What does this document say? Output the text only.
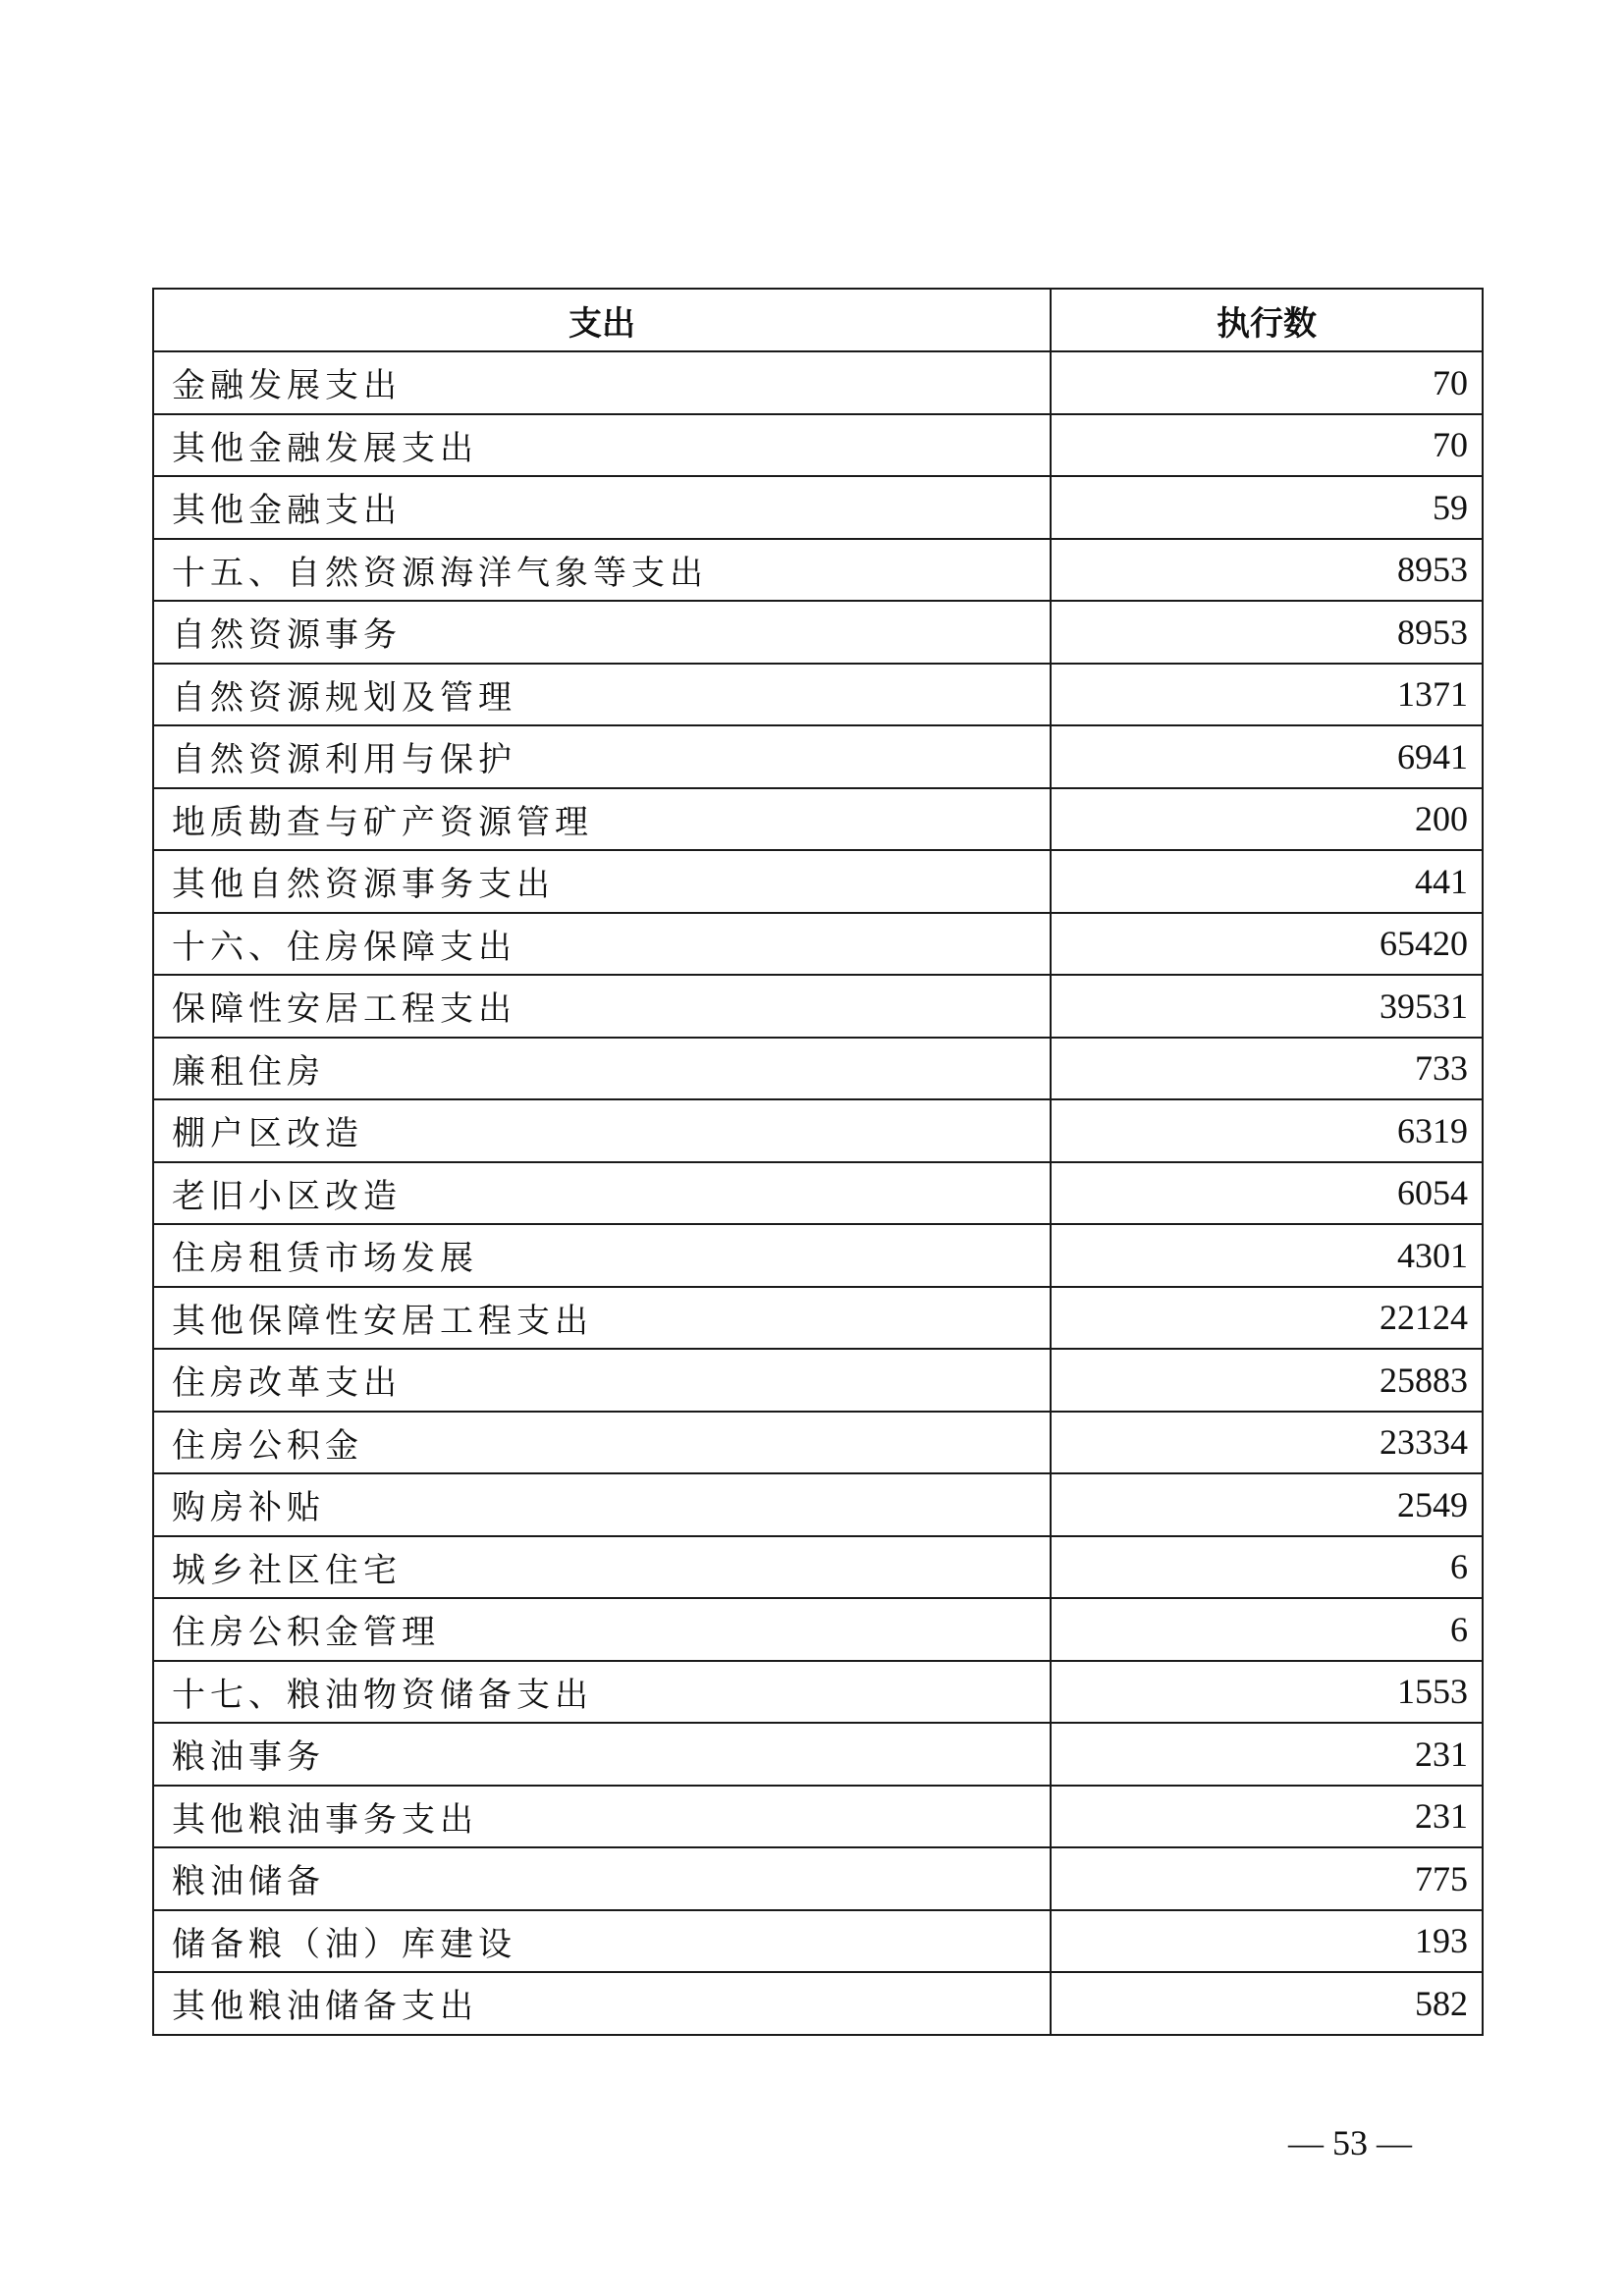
支出	执行数
金融发展支出	70
其他金融发展支出	70
其他金融支出	59
十五、自然资源海洋气象等支出	8953
自然资源事务	8953
自然资源规划及管理	1371
自然资源利用与保护	6941
地质勘查与矿产资源管理	200
其他自然资源事务支出	441
十六、住房保障支出	65420
保障性安居工程支出	39531
廉租住房	733
棚户区改造	6319
老旧小区改造	6054
住房租赁市场发展	4301
其他保障性安居工程支出	22124
住房改革支出	25883
住房公积金	23334
购房补贴	2549
城乡社区住宅	6
住房公积金管理	6
十七、粮油物资储备支出	1553
粮油事务	231
其他粮油事务支出	231
粮油储备	775
储备粮（油）库建设	193
其他粮油储备支出	582
— 53 —
